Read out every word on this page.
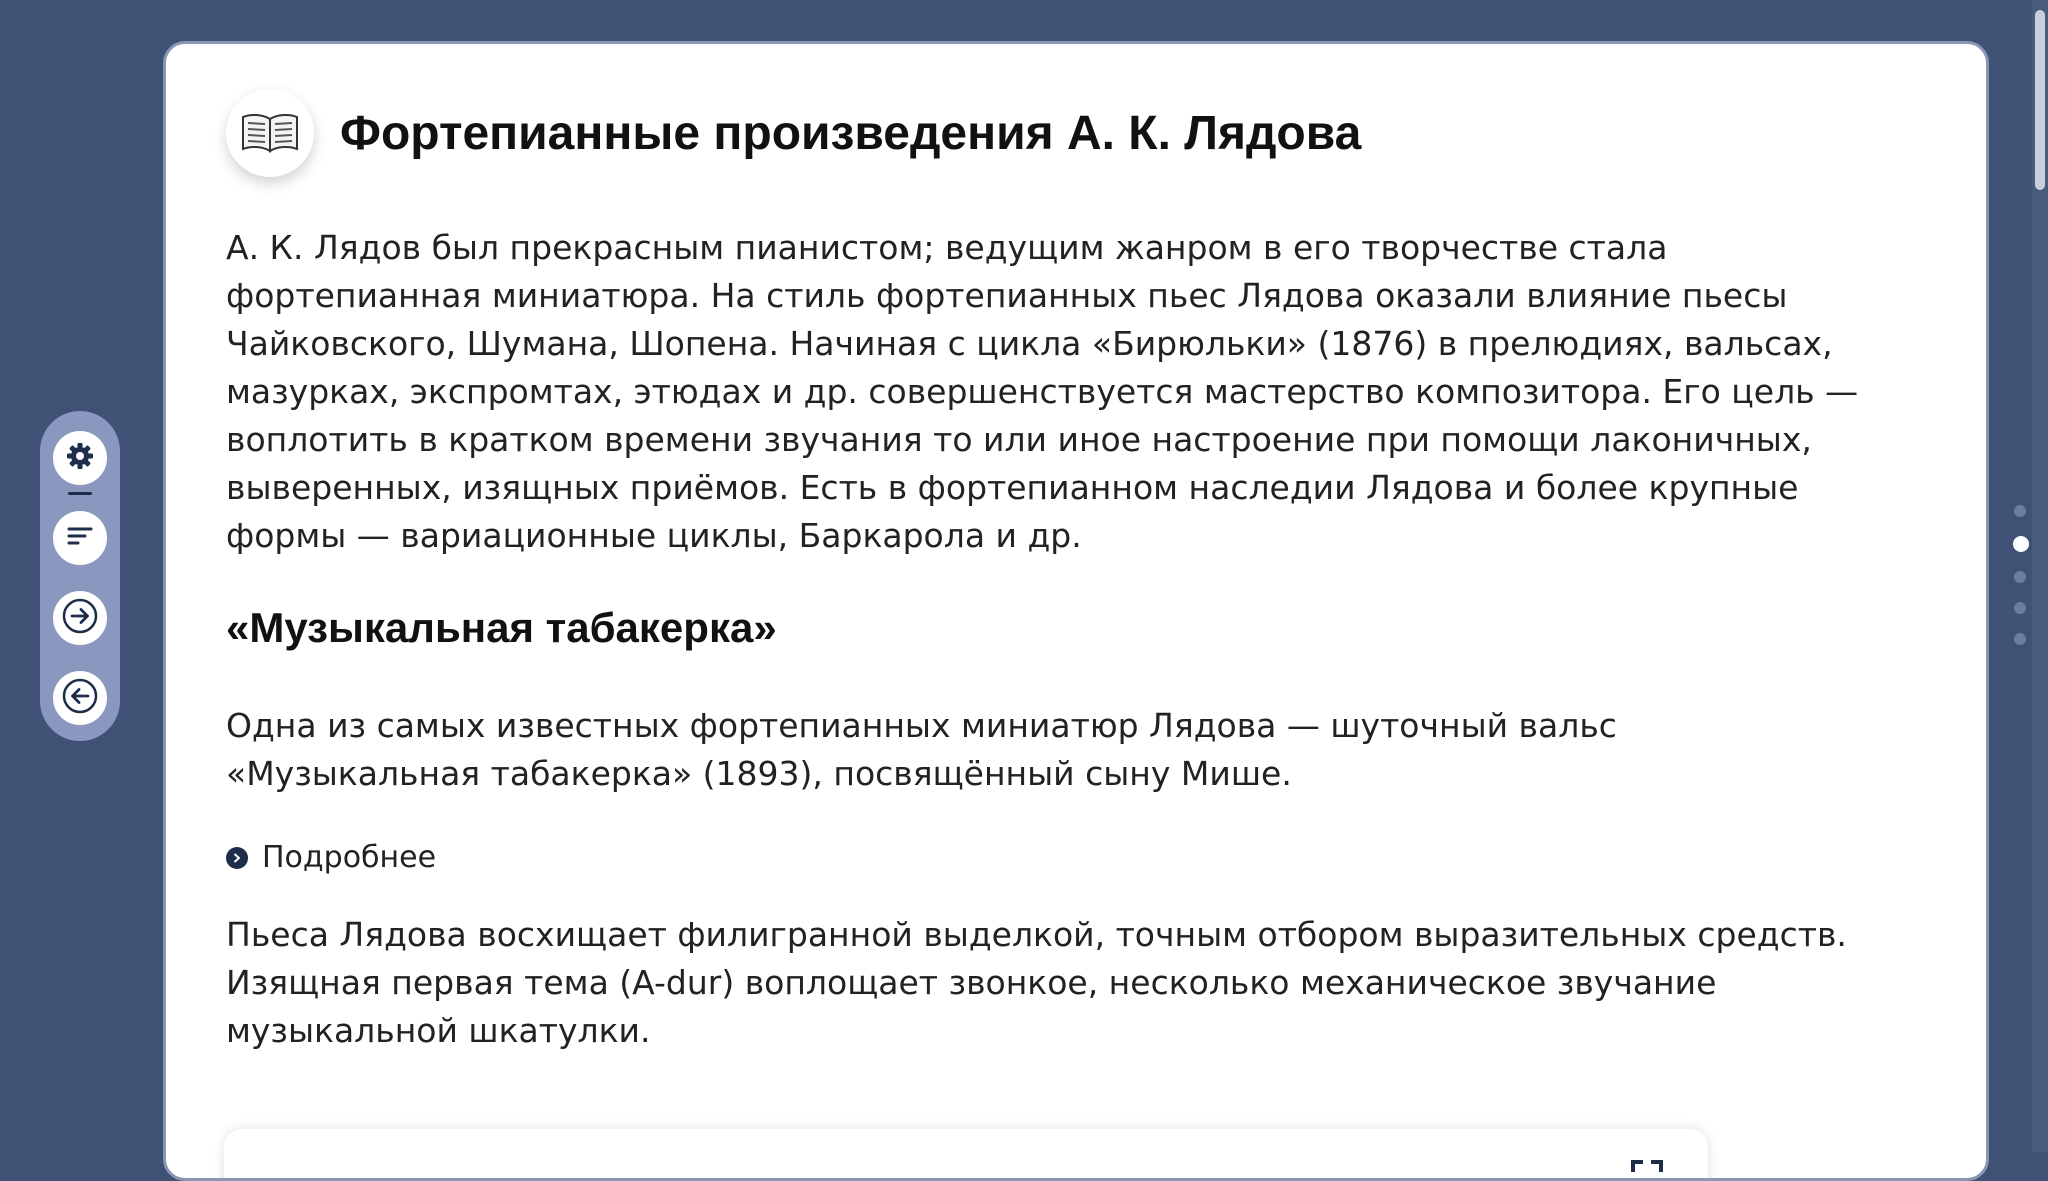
Фортепианные произведения А. К. Лядова

А. К. Лядов был прекрасным пианистом; ведущим жанром в его творчестве стала
фортепианная миниатюра. На стиль фортепианных пьес Лядова оказали влияние пьесы
Чайковского, Шумана, Шопена. Начиная с цикла «Бирюльки» (1876) в прелюдиях, вальсах,
мазурках, экспромтах, этюдах и др. совершенствуется мастерство композитора. Его цель —
воплотить в кратком времени звучания то или иное настроение при помощи лаконичных,
выверенных, изящных приёмов. Есть в фортепианном наследии Лядова и более крупные
формы — вариационные циклы, Баркарола и др.

«Музыкальная табакерка»

Одна из самых известных фортепианных миниатюр Лядова — шуточный вальс
«Музыкальная табакерка» (1893), посвящённый сыну Мише.

Подробнее

Пьеса Лядова восхищает филигранной выделкой, точным отбором выразительных средств.
Изящная первая тема (A-dur) воплощает звонкое, несколько механическое звучание
музыкальной шкатулки.
